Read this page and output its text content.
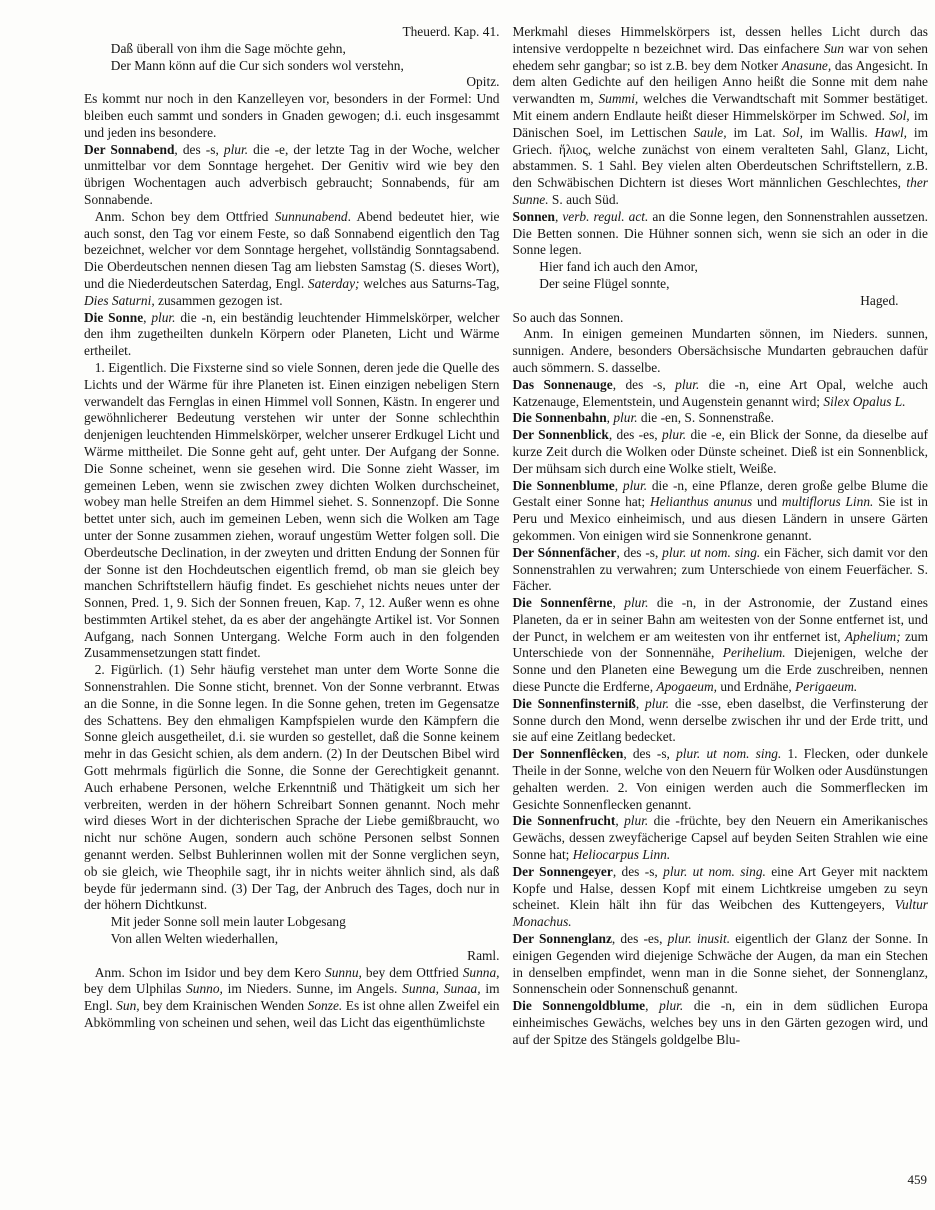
Theuerd. Kap. 41.

Daß überall von ihm die Sage möchte gehn,

Der Mann könn auf die Cur sich sonders wol verstehn,

Opitz.

Es kommt nur noch in den Kanzelleyen vor, besonders in der Formel: Und bleiben euch sammt und sonders in Gnaden gewogen; d.i. euch insgesammt und jeden ins besondere.

Der Sonnabend, des -s, plur. die -e, der letzte Tag in der Woche, welcher unmittelbar vor dem Sonntage hergehet. Der Genitiv wird wie bey den übrigen Wochentagen auch adverbisch gebraucht; Sonnabends, für am Sonnabende.

Anm. Schon bey dem Ottfried Sunnunabend. Abend bedeutet hier, wie auch sonst, den Tag vor einem Feste, so daß Sonnabend eigentlich den Tag bezeichnet, welcher vor dem Sonntage hergehet, vollständig Sonntagsabend. Die Oberdeutschen nennen diesen Tag am liebsten Samstag (S. dieses Wort), und die Niederdeutschen Saterdag, Engl. Saterday; welches aus Saturns-Tag, Dies Saturni, zusammen gezogen ist.

Die Sonne, plur. die -n, ein beständig leuchtender Himmelskörper, welcher den ihm zugetheilten dunkeln Körpern oder Planeten, Licht und Wärme ertheilet.

1. Eigentlich. Die Fixsterne sind so viele Sonnen, deren jede die Quelle des Lichts und der Wärme für ihre Planeten ist. Einen einzigen nebeligen Stern verwandelt das Fernglas in einen Himmel voll Sonnen, Kästn. In engerer und gewöhnlicherer Bedeutung verstehen wir unter der Sonne schlechthin denjenigen leuchtenden Himmelskörper, welcher unserer Erdkugel Licht und Wärme mittheilet. Die Sonne geht auf, geht unter. Der Aufgang der Sonne. Die Sonne scheinet, wenn sie gesehen wird. Die Sonne zieht Wasser, im gemeinen Leben, wenn sie zwischen zwey dichten Wolken durchscheinet, wobey man helle Streifen an dem Himmel siehet. S. Sonnenzopf. Die Sonne bettet unter sich, auch im gemeinen Leben, wenn sich die Wolken am Tage unter der Sonne zusammen ziehen, worauf ungestüm Wetter folgen soll. Die Oberdeutsche Declination, in der zweyten und dritten Endung der Sonnen für der Sonne ist den Hochdeutschen eigentlich fremd, ob man sie gleich bey manchen Schriftstellern häufig findet. Es geschiehet nichts neues unter der Sonnen, Pred. 1, 9. Sich der Sonnen freuen, Kap. 7, 12. Außer wenn es ohne bestimmten Artikel stehet, da es aber der angehängte Artikel ist. Vor Sonnen Aufgang, nach Sonnen Untergang. Welche Form auch in den folgenden Zusammensetzungen statt findet.

2. Figürlich. (1) Sehr häufig verstehet man unter dem Worte Sonne die Sonnenstrahlen. Die Sonne sticht, brennet. Von der Sonne verbrannt. Etwas an die Sonne, in die Sonne legen. In die Sonne gehen, treten im Gegensatze des Schattens. Bey den ehmaligen Kampfspielen wurde den Kämpfern die Sonne gleich ausgetheilet, d.i. sie wurden so gestellet, daß die Sonne keinem mehr in das Gesicht schien, als dem andern. (2) In der Deutschen Bibel wird Gott mehrmals figürlich die Sonne, die Sonne der Gerechtigkeit genannt. Auch erhabene Personen, welche Erkenntniß und Thätigkeit um sich her verbreiten, werden in der höhern Schreibart Sonnen genannt. Noch mehr wird dieses Wort in der dichterischen Sprache der Liebe gemißbraucht, wo nicht nur schöne Augen, sondern auch schöne Personen selbst Sonnen genannt werden. Selbst Buhlerinnen wollen mit der Sonne verglichen seyn, ob sie gleich, wie Theophile sagt, ihr in nichts weiter ähnlich sind, als daß beyde für jedermann sind. (3) Der Tag, der Anbruch des Tages, doch nur in der höhern Dichtkunst.

Mit jeder Sonne soll mein lauter Lobgesang

Von allen Welten wiederhallen,

Raml.

Anm. Schon im Isidor und bey dem Kero Sunnu, bey dem Ottfried Sunna, bey dem Ulphilas Sunno, im Nieders. Sunne, im Angels. Sunna, Sunaa, im Engl. Sun, bey dem Krainischen Wenden Sonze. Es ist ohne allen Zweifel ein Abkömmling von scheinen und sehen, weil das Licht das eigenthümlichste

Merkmahl dieses Himmelskörpers ist, dessen helles Licht durch das intensive verdoppelte n bezeichnet wird. Das einfachere Sun war von sehen ehedem sehr gangbar; so ist z.B. bey dem Notker Anasune, das Angesicht. In dem alten Gedichte auf den heiligen Anno heißt die Sonne mit dem nahe verwandten m, Summi, welches die Verwandtschaft mit Sommer bestätiget. Mit einem andern Endlaute heißt dieser Himmelskörper im Schwed. Sol, im Dänischen Soel, im Lettischen Saule, im Lat. Sol, im Wallis. Hawl, im Griech. ἥλιος, welche zunächst von einem veralteten Sahl, Glanz, Licht, abstammen. S. 1 Sahl. Bey vielen alten Oberdeutschen Schriftstellern, z.B. den Schwäbischen Dichtern ist dieses Wort männlichen Geschlechtes, ther Sunne. S. auch Süd.

Sonnen, verb. regul. act. an die Sonne legen, den Sonnenstrahlen aussetzen. Die Betten sonnen. Die Hühner sonnen sich, wenn sie sich an oder in die Sonne legen.

Hier fand ich auch den Amor,

Der seine Flügel sonnte,

Haged.

So auch das Sonnen.

Anm. In einigen gemeinen Mundarten sönnen, im Nieders. sunnen, sunnigen. Andere, besonders Obersächsische Mundarten gebrauchen dafür auch sömmern. S. dasselbe.

Das Sonnenauge, des -s, plur. die -n, eine Art Opal, welche auch Katzenauge, Elementstein, und Augenstein genannt wird; Silex Opalus L.

Die Sonnenbahn, plur. die -en, S. Sonnenstraße.

Der Sonnenblick, des -es, plur. die -e, ein Blick der Sonne, da dieselbe auf kurze Zeit durch die Wolken oder Dünste scheinet. Dieß ist ein Sonnenblick, Der mühsam sich durch eine Wolke stielt, Weiße.

Die Sonnenblume, plur. die -n, eine Pflanze, deren große gelbe Blume die Gestalt einer Sonne hat; Helianthus anunus und multiflorus Linn. Sie ist in Peru und Mexico einheimisch, und aus diesen Ländern in unsere Gärten gekommen. Von einigen wird sie Sonnenkrone genannt.

Der Sónnenfächer, des -s, plur. ut nom. sing. ein Fächer, sich damit vor den Sonnenstrahlen zu verwahren; zum Unterschiede von einem Feuerfächer. S. Fächer.

Die Sonnenfêrne, plur. die -n, in der Astronomie, der Zustand eines Planeten, da er in seiner Bahn am weitesten von der Sonne entfernet ist, und der Punct, in welchem er am weitesten von ihr entfernet ist, Aphelium; zum Unterschiede von der Sonnennähe, Perihelium. Diejenigen, welche der Sonne und den Planeten eine Bewegung um die Erde zuschreiben, nennen diese Puncte die Erdferne, Apogaeum, und Erdnähe, Perigaeum.

Die Sonnenfinsterniß, plur. die -sse, eben daselbst, die Verfinsterung der Sonne durch den Mond, wenn derselbe zwischen ihr und der Erde tritt, und sie auf eine Zeitlang bedecket.

Der Sonnenflêcken, des -s, plur. ut nom. sing. 1. Flecken, oder dunkele Theile in der Sonne, welche von den Neuern für Wolken oder Ausdünstungen gehalten werden. 2. Von einigen werden auch die Sommerflecken im Gesichte Sonnenflecken genannt.

Die Sonnenfrucht, plur. die -früchte, bey den Neuern ein Amerikanisches Gewächs, dessen zweyfächerige Capsel auf beyden Seiten Strahlen wie eine Sonne hat; Heliocarpus Linn.

Der Sonnengeyer, des -s, plur. ut nom. sing. eine Art Geyer mit nacktem Kopfe und Halse, dessen Kopf mit einem Lichtkreise umgeben zu seyn scheinet. Klein hält ihn für das Weibchen des Kuttengeyers, Vultur Monachus.

Der Sonnenglanz, des -es, plur. inusit. eigentlich der Glanz der Sonne. In einigen Gegenden wird diejenige Schwäche der Augen, da man ein Stechen in denselben empfindet, wenn man in die Sonne siehet, der Sonnenglanz, Sonnenschein oder Sonnenschuß genannt.

Die Sonnengoldblume, plur. die -n, ein in dem südlichen Europa einheimisches Gewächs, welches bey uns in den Gärten gezogen wird, und auf der Spitze des Stängels goldgelbe Blu-

459
